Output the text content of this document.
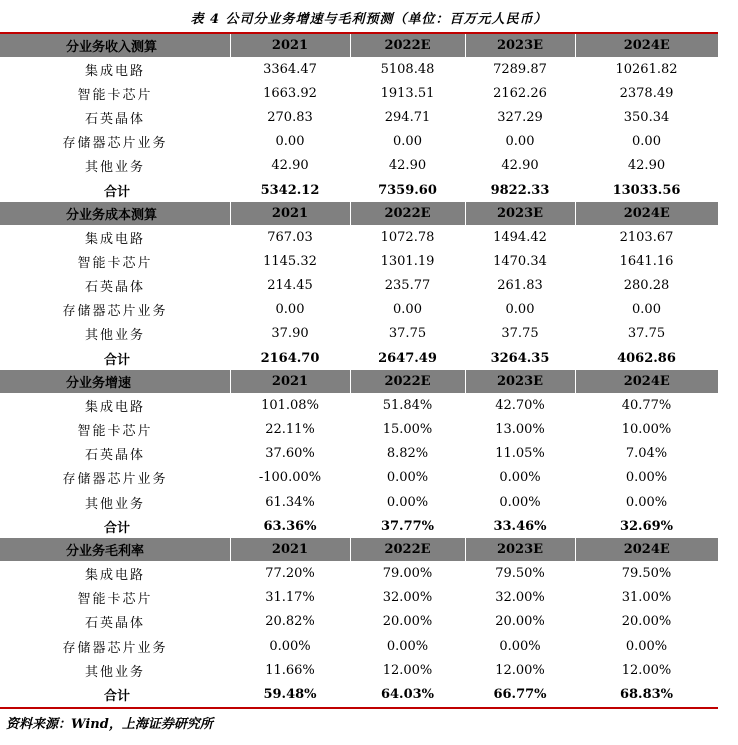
表 4 公司分业务增速与毛利预测（单位：百万元人民币）
分业务收入测算	2021	2022E	2023E	2024E
集成电路	3364.47	5108.48	7289.87	10261.82
智能卡芯片	1663.92	1913.51	2162.26	2378.49
石英晶体	270.83	294.71	327.29	350.34
存储器芯片业务	0.00	0.00	0.00	0.00
其他业务	42.90	42.90	42.90	42.90
合计	5342.12	7359.60	9822.33	13033.56
分业务成本测算	2021	2022E	2023E	2024E
集成电路	767.03	1072.78	1494.42	2103.67
智能卡芯片	1145.32	1301.19	1470.34	1641.16
石英晶体	214.45	235.77	261.83	280.28
存储器芯片业务	0.00	0.00	0.00	0.00
其他业务	37.90	37.75	37.75	37.75
合计	2164.70	2647.49	3264.35	4062.86
分业务增速	2021	2022E	2023E	2024E
集成电路	101.08%	51.84%	42.70%	40.77%
智能卡芯片	22.11%	15.00%	13.00%	10.00%
石英晶体	37.60%	8.82%	11.05%	7.04%
存储器芯片业务	-100.00%	0.00%	0.00%	0.00%
其他业务	61.34%	0.00%	0.00%	0.00%
合计	63.36%	37.77%	33.46%	32.69%
分业务毛利率	2021	2022E	2023E	2024E
集成电路	77.20%	79.00%	79.50%	79.50%
智能卡芯片	31.17%	32.00%	32.00%	31.00%
石英晶体	20.82%	20.00%	20.00%	20.00%
存储器芯片业务	0.00%	0.00%	0.00%	0.00%
其他业务	11.66%	12.00%	12.00%	12.00%
合计	59.48%	64.03%	66.77%	68.83%
资料来源：Wind，上海证券研究所
